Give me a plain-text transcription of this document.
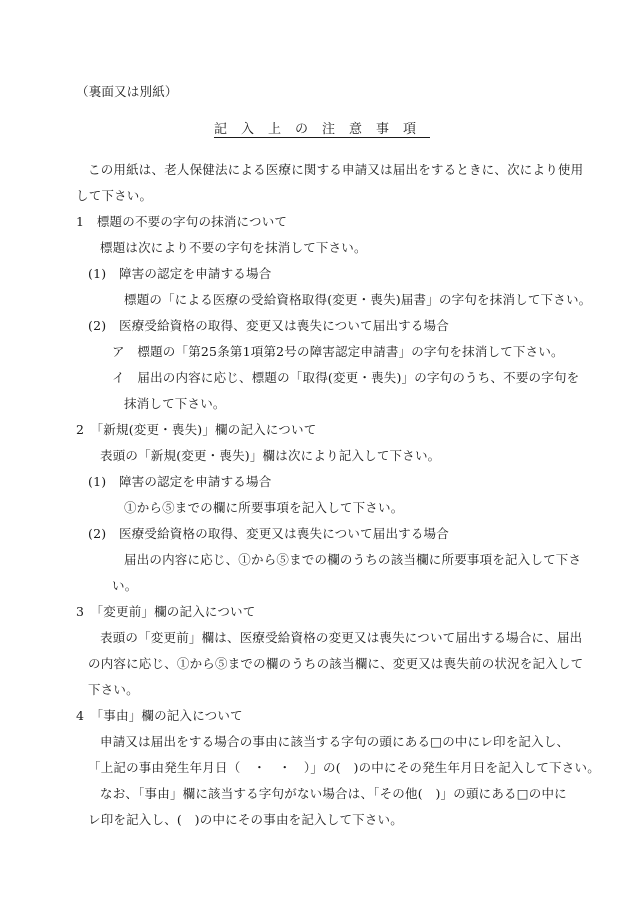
（裏面又は別紙）
記入上の注意事項
この用紙は、老人保健法による医療に関する申請又は届出をするときに、次により使用
して下さい。
1　標題の不要の字句の抹消について
標題は次により不要の字句を抹消して下さい。
(1)　障害の認定を申請する場合
標題の「による医療の受給資格取得(変更・喪失)届書」の字句を抹消して下さい。
(2)　医療受給資格の取得、変更又は喪失について届出する場合
ア　標題の「第25条第1項第2号の障害認定申請書」の字句を抹消して下さい。
イ　届出の内容に応じ、標題の「取得(変更・喪失)」の字句のうち、不要の字句を
抹消して下さい。
2　「新規(変更・喪失)」欄の記入について
表頭の「新規(変更・喪失)」欄は次により記入して下さい。
(1)　障害の認定を申請する場合
①から⑤までの欄に所要事項を記入して下さい。
(2)　医療受給資格の取得、変更又は喪失について届出する場合
届出の内容に応じ、①から⑤までの欄のうちの該当欄に所要事項を記入して下さ
い。
3　「変更前」欄の記入について
表頭の「変更前」欄は、医療受給資格の変更又は喪失について届出する場合に、届出
の内容に応じ、①から⑤までの欄のうちの該当欄に、変更又は喪失前の状況を記入して
下さい。
4　「事由」欄の記入について
申請又は届出をする場合の事由に該当する字句の頭にある□の中にレ印を記入し、
「上記の事由発生年月日（　・　・　）」の(　)の中にその発生年月日を記入して下さい。
なお、「事由」欄に該当する字句がない場合は、「その他(　)」の頭にある□の中に
レ印を記入し、(　)の中にその事由を記入して下さい。
